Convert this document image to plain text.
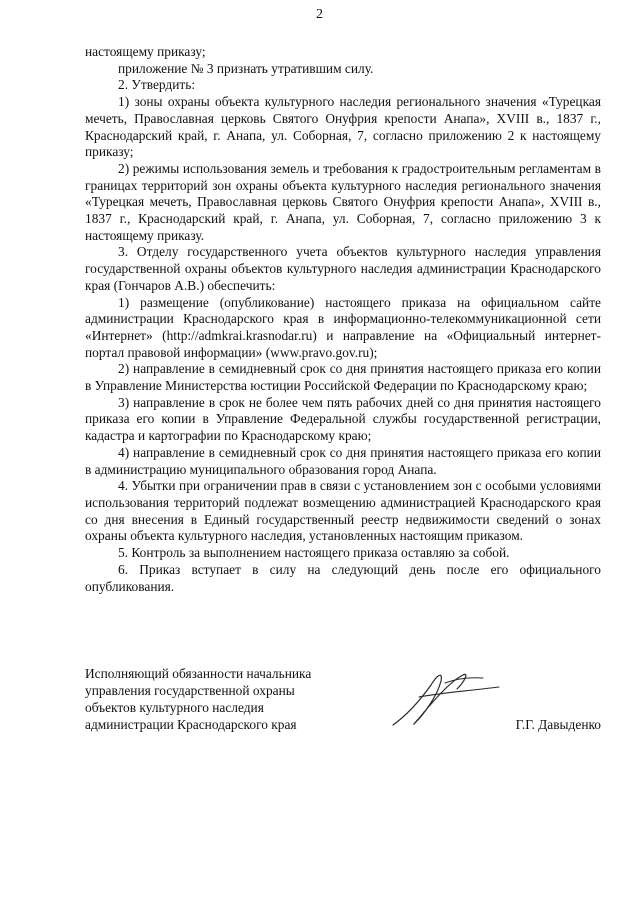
2

настоящему приказу;

приложение № 3 признать утратившим силу.

2. Утвердить:

1) зоны охраны объекта культурного наследия регионального значения «Турецкая мечеть, Православная церковь Святого Онуфрия крепости Анапа», XVIII в., 1837 г., Краснодарский край, г. Анапа, ул. Соборная, 7, согласно приложению 2 к настоящему приказу;

2) режимы использования земель и требования к градостроительным регламентам в границах территорий зон охраны объекта культурного наследия регионального значения «Турецкая мечеть, Православная церковь Святого Онуфрия крепости Анапа», XVIII в., 1837 г., Краснодарский край, г. Анапа, ул. Соборная, 7, согласно приложению 3 к настоящему приказу.

3. Отделу государственного учета объектов культурного наследия управления государственной охраны объектов культурного наследия администрации Краснодарского края (Гончаров А.В.) обеспечить:

1) размещение (опубликование) настоящего приказа на официальном сайте администрации Краснодарского края в информационно-телекоммуникационной сети «Интернет» (http://admkrai.krasnodar.ru) и направление на «Официальный интернет-портал правовой информации» (www.pravo.gov.ru);

2) направление в семидневный срок со дня принятия настоящего приказа его копии в Управление Министерства юстиции Российской Федерации по Краснодарскому краю;

3) направление в срок не более чем пять рабочих дней со дня принятия настоящего приказа его копии в Управление Федеральной службы государственной регистрации, кадастра и картографии по Краснодарскому краю;

4) направление в семидневный срок со дня принятия настоящего приказа его копии в администрацию муниципального образования город Анапа.

4. Убытки при ограничении прав в связи с установлением зон с особыми условиями использования территорий подлежат возмещению администрацией Краснодарского края со дня внесения в Единый государственный реестр недвижимости сведений о зонах охраны объекта культурного наследия, установленных настоящим приказом.

5. Контроль за выполнением настоящего приказа оставляю за собой.

6. Приказ вступает в силу на следующий день после его официального опубликования.

Исполняющий обязанности начальника
управления государственной охраны
объектов культурного наследия
администрации Краснодарского края	Г.Г. Давыденко
